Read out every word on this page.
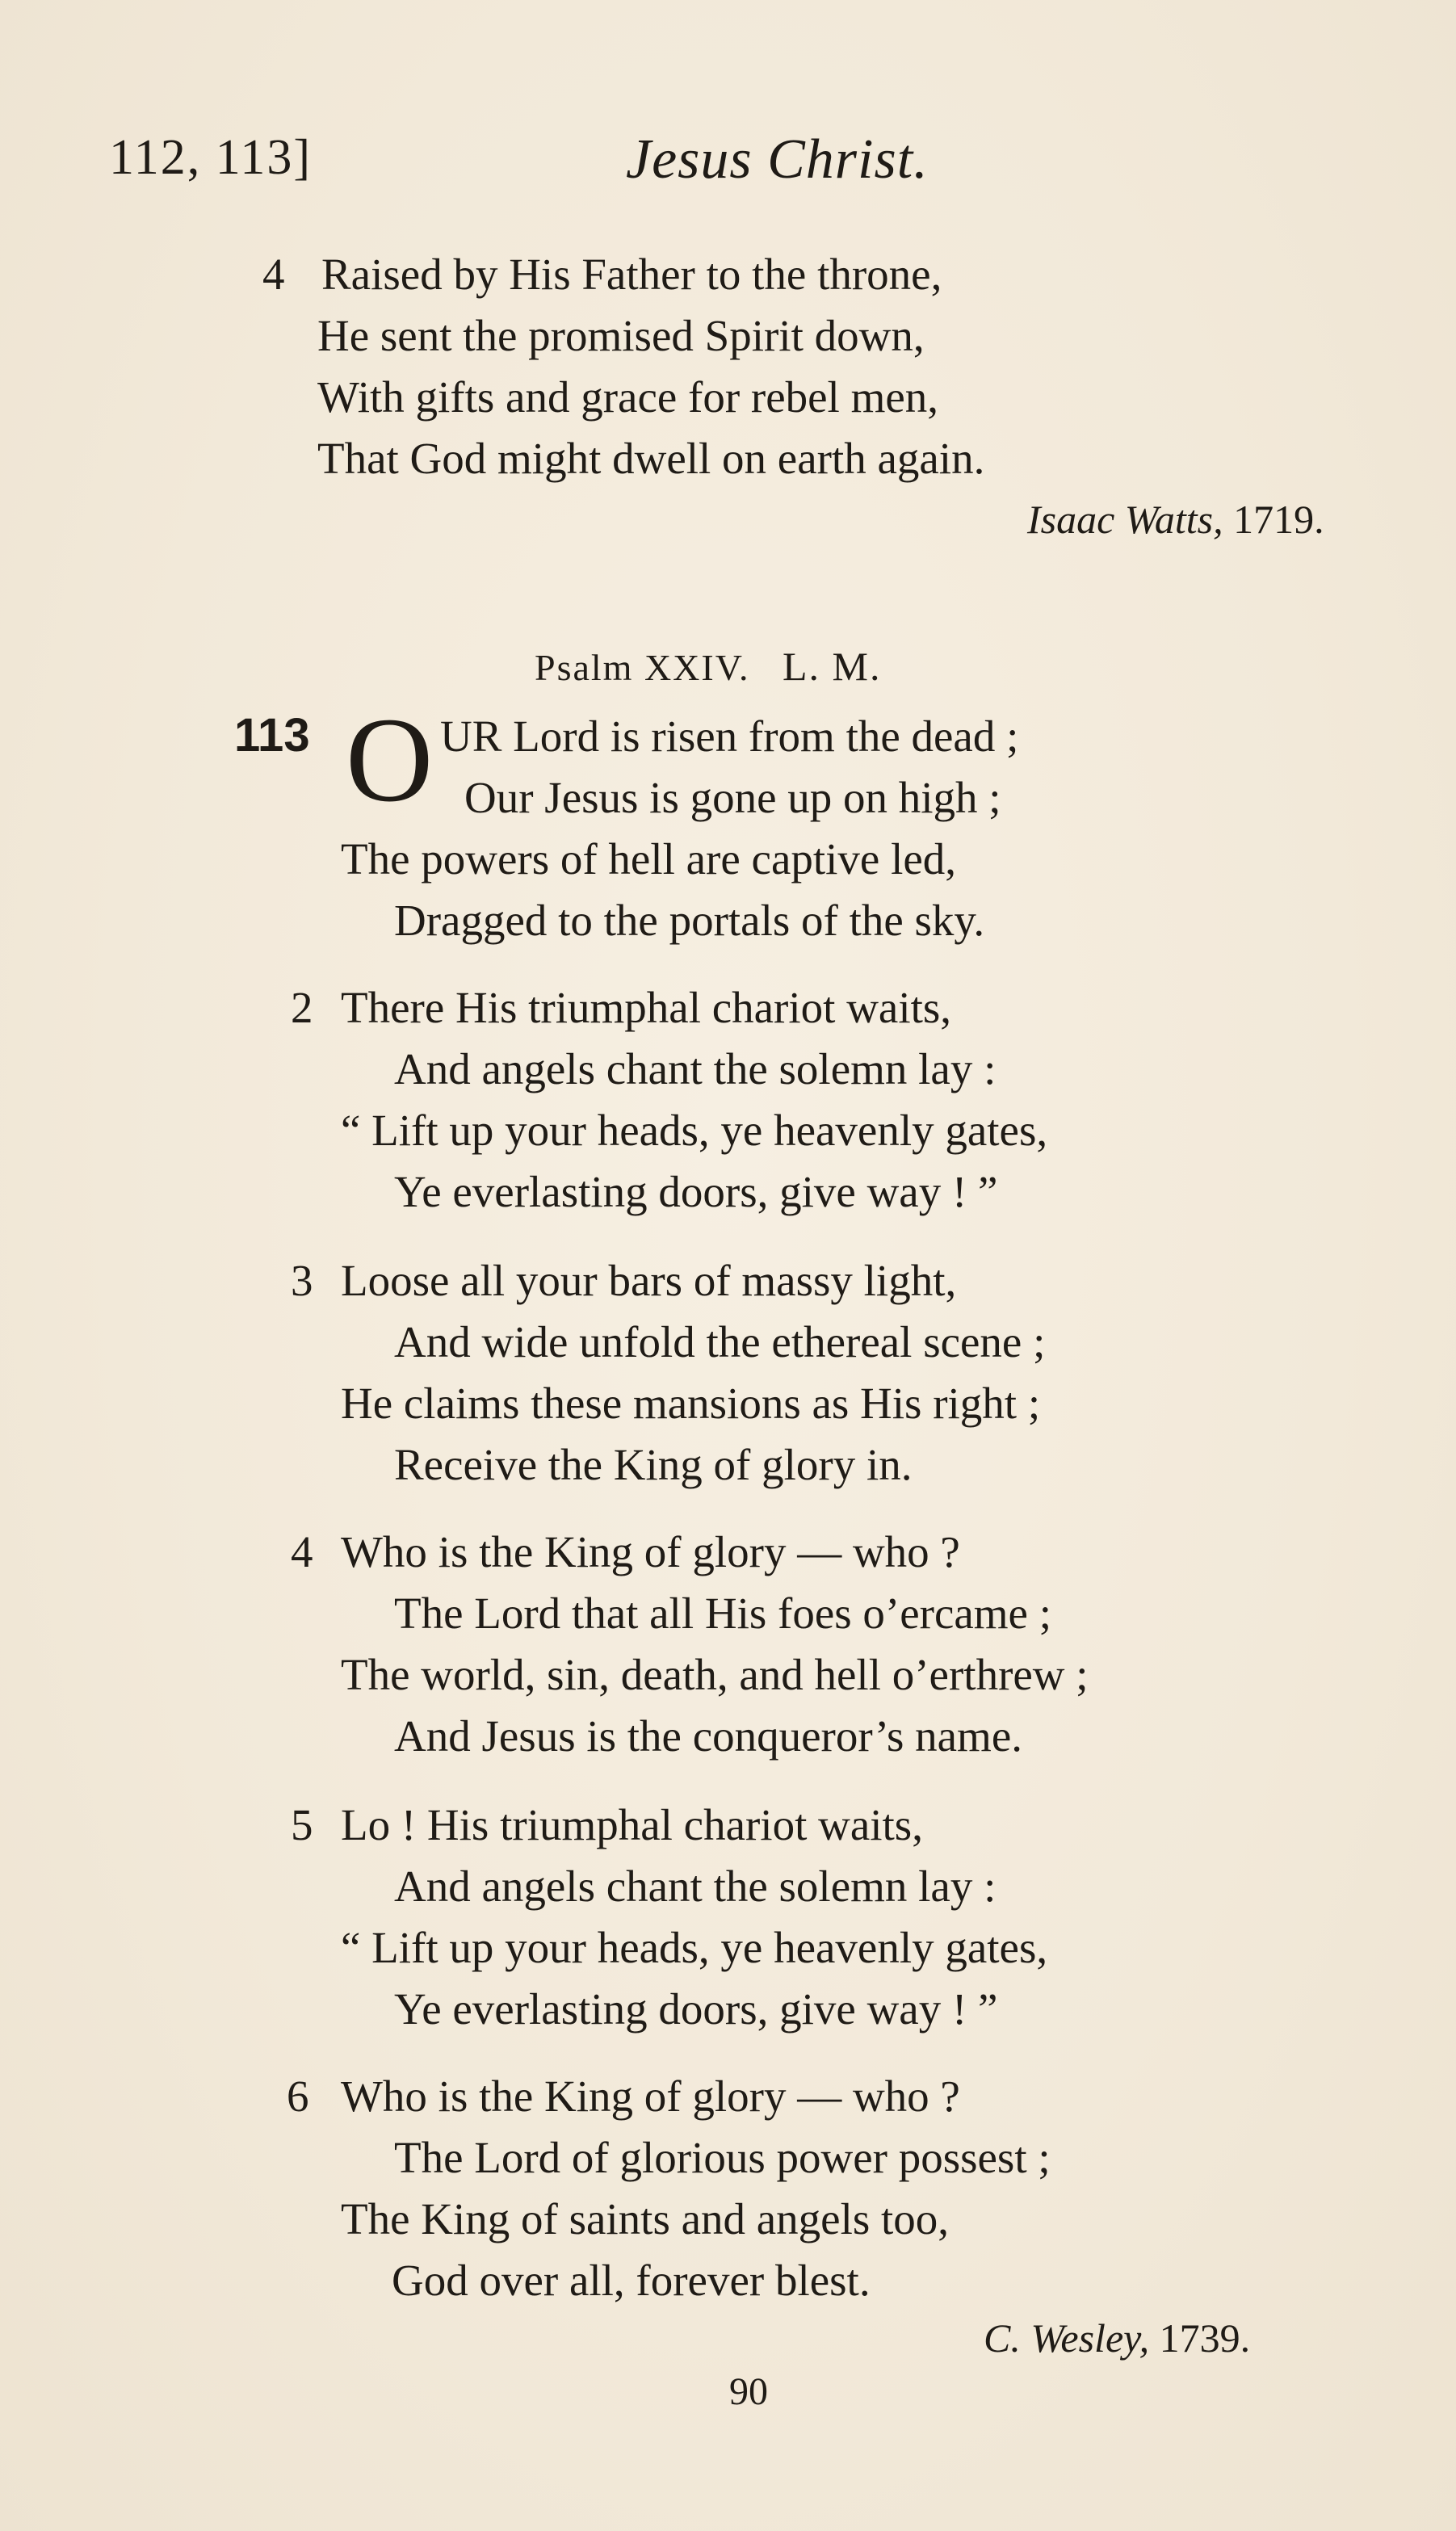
112, 113]	Jesus Christ.
4 Raised by His Father to the throne,
He sent the promised Spirit down,
With gifts and grace for rebel men,
That God might dwell on earth again.
Isaac Watts, 1719.
Psalm XXIV. L. M.
113 O UR Lord is risen from the dead ;
Our Jesus is gone up on high ;
The powers of hell are captive led,
Dragged to the portals of the sky.
2 There His triumphal chariot waits,
And angels chant the solemn lay :
“ Lift up your heads, ye heavenly gates,
Ye everlasting doors, give way ! ”
3 Loose all your bars of massy light,
And wide unfold the ethereal scene ;
He claims these mansions as His right ;
Receive the King of glory in.
4 Who is the King of glory — who ?
The Lord that all His foes o’ercame ;
The world, sin, death, and hell o’erthrew ;
And Jesus is the conqueror’s name.
5 Lo ! His triumphal chariot waits,
And angels chant the solemn lay :
“ Lift up your heads, ye heavenly gates,
Ye everlasting doors, give way ! ”
6 Who is the King of glory — who ?
The Lord of glorious power possest ;
The King of saints and angels too,
God over all, forever blest.
C. Wesley, 1739.
90
